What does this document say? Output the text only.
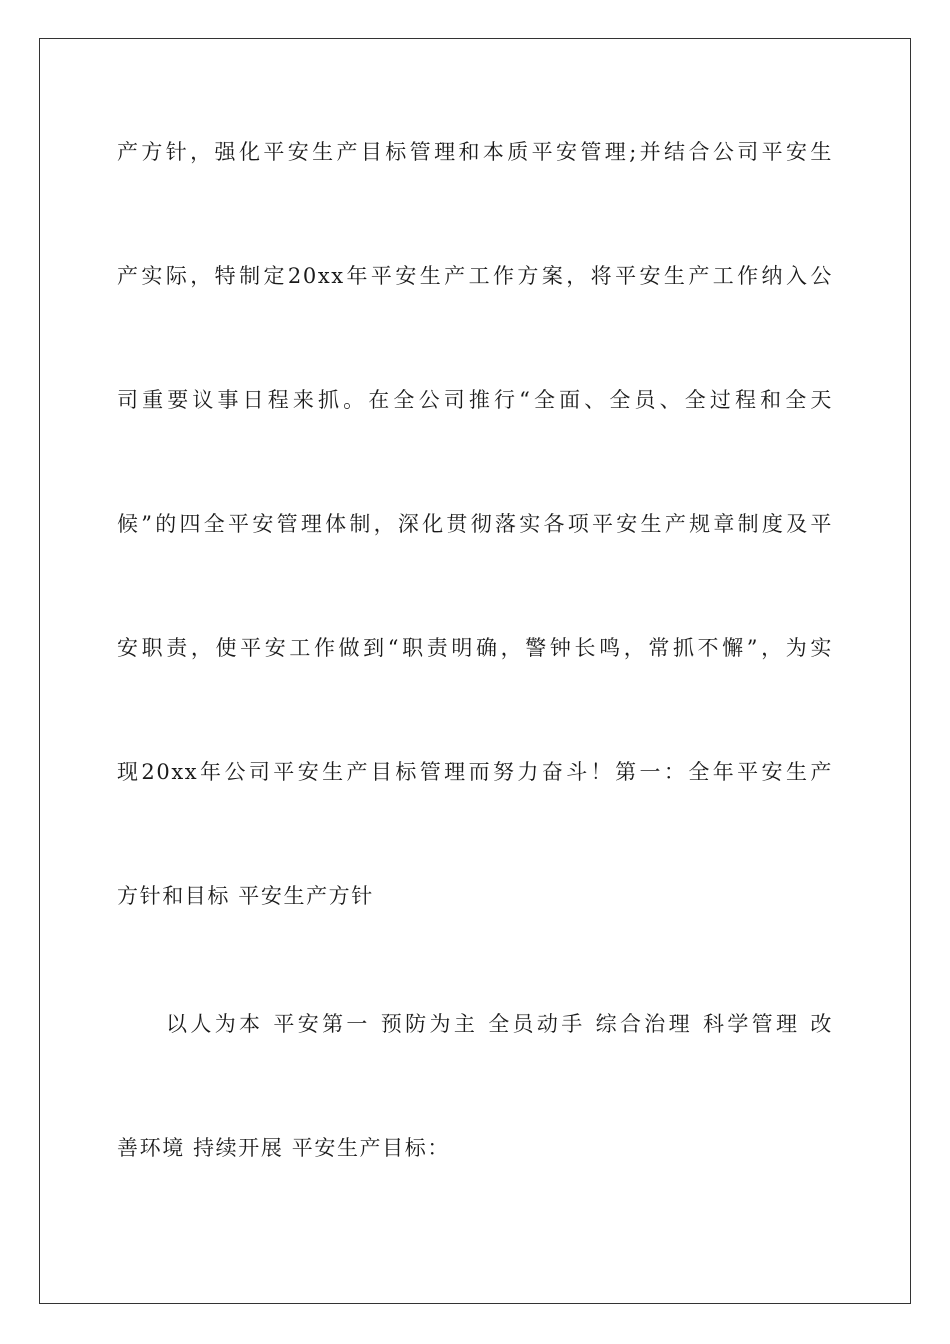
产方针，强化平安生产目标管理和本质平安管理;并结合公司平安生
产实际，特制定20xx年平安生产工作方案，将平安生产工作纳入公
司重要议事日程来抓。在全公司推行“全面、全员、全过程和全天
候”的四全平安管理体制，深化贯彻落实各项平安生产规章制度及平
安职责，使平安工作做到“职责明确，警钟长鸣，常抓不懈”，为实
现20xx年公司平安生产目标管理而努力奋斗！第一：全年平安生产
方针和目标 平安生产方针
以人为本 平安第一 预防为主 全员动手 综合治理 科学管理 改
善环境 持续开展 平安生产目标：
